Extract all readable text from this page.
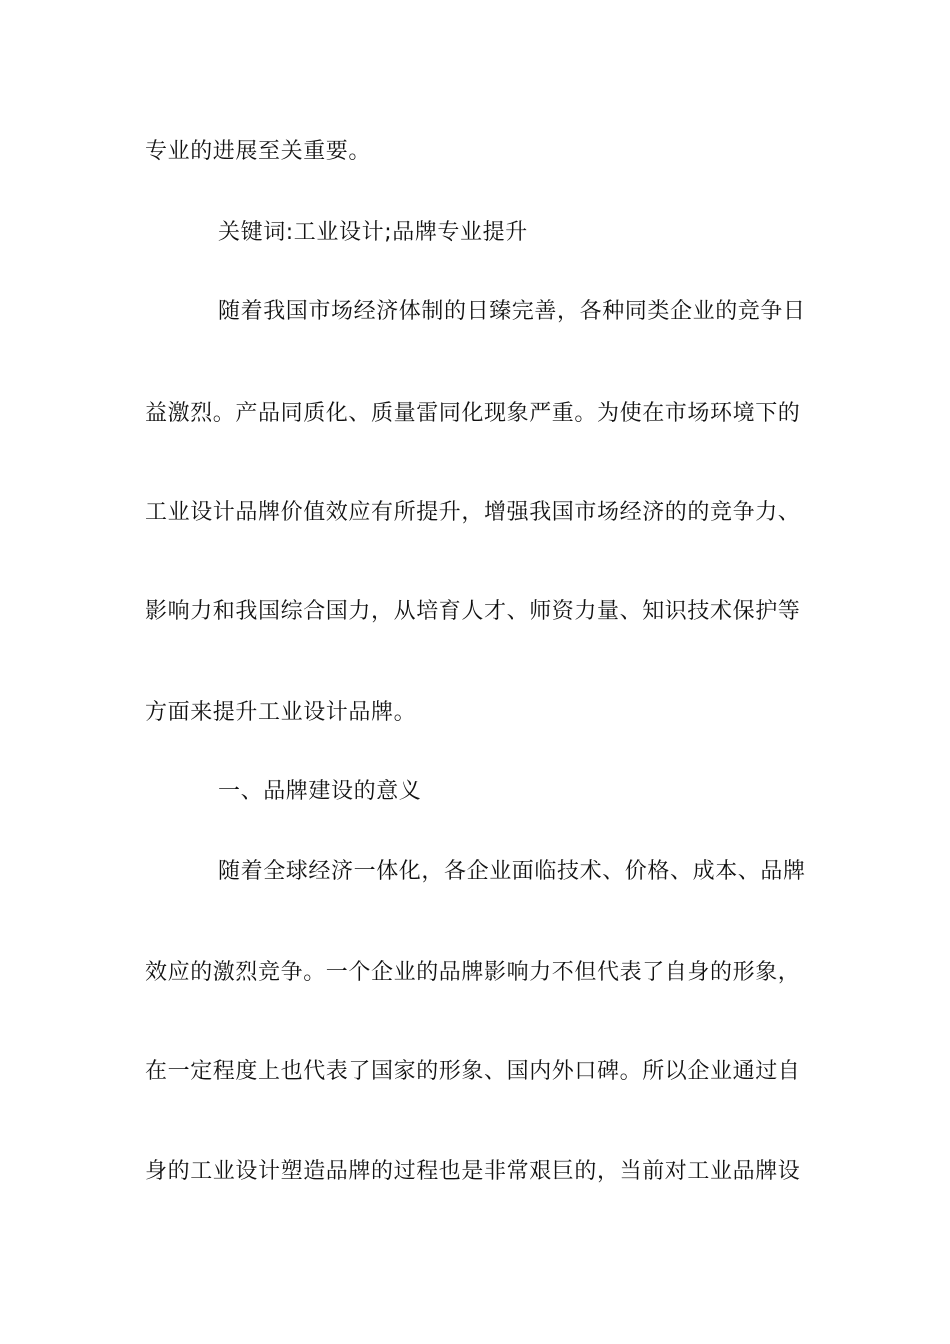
专业的进展至关重要。
关键词:工业设计;品牌专业提升
随着我国市场经济体制的日臻完善，各种同类企业的竞争日
益激烈。产品同质化、质量雷同化现象严重。为使在市场环境下的
工业设计品牌价值效应有所提升，增强我国市场经济的的竞争力、
影响力和我国综合国力，从培育人才、师资力量、知识技术保护等
方面来提升工业设计品牌。
一、品牌建设的意义
随着全球经济一体化，各企业面临技术、价格、成本、品牌
效应的激烈竞争。一个企业的品牌影响力不但代表了自身的形象，
在一定程度上也代表了国家的形象、国内外口碑。所以企业通过自
身的工业设计塑造品牌的过程也是非常艰巨的，当前对工业品牌设
